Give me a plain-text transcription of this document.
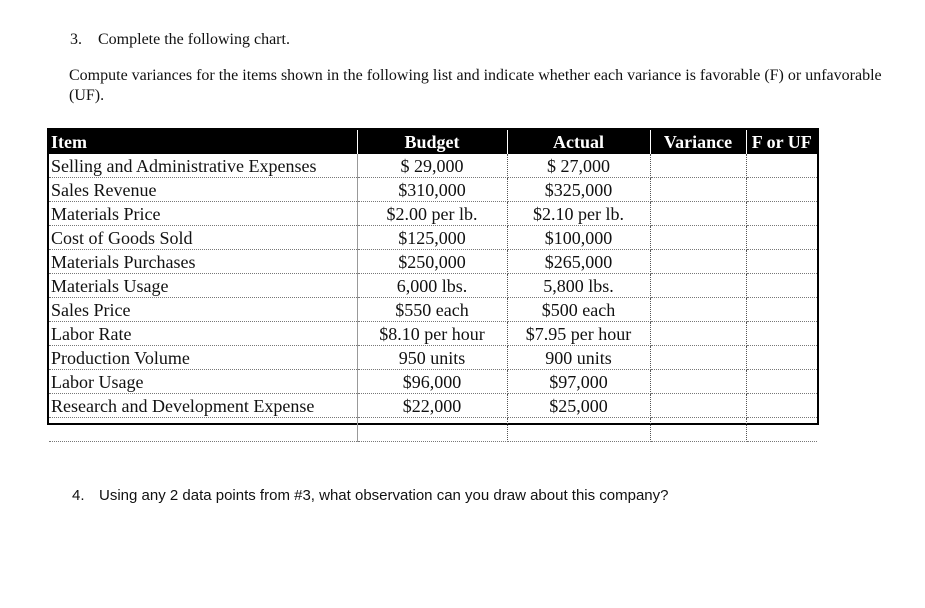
3. Complete the following chart.
Compute variances for the items shown in the following list and indicate whether each variance is favorable (F) or unfavorable (UF).
Item	Budget	Actual	Variance	F or UF
Selling and Administrative Expenses	$ 29,000	$ 27,000		
Sales Revenue	$310,000	$325,000		
Materials Price	$2.00 per lb.	$2.10 per lb.		
Cost of Goods Sold	$125,000	$100,000		
Materials Purchases	$250,000	$265,000		
Materials Usage	6,000 lbs.	5,800 lbs.		
Sales Price	$550 each	$500 each		
Labor Rate	$8.10 per hour	$7.95 per hour		
Production Volume	950 units	900 units		
Labor Usage	$96,000	$97,000		
Research and Development Expense	$22,000	$25,000		

4. Using any 2 data points from #3, what observation can you draw about this company?
